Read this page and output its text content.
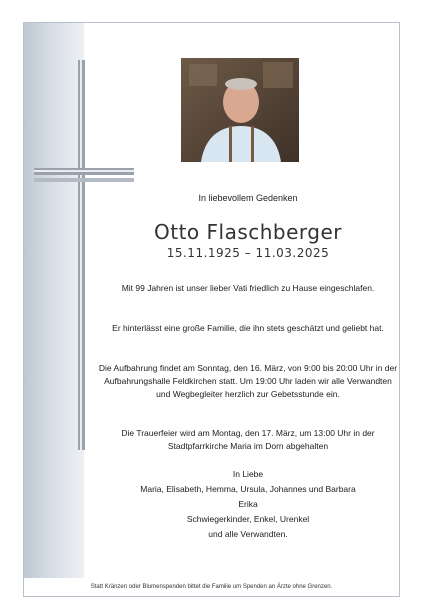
In liebevollem Gedenken
Otto Flaschberger
15.11.1925 – 11.03.2025
Mit 99 Jahren ist unser lieber Vati friedlich zu Hause eingeschlafen.
Er hinterlässt eine große Familie, die ihn stets geschätzt und geliebt hat.
Die Aufbahrung findet am Sonntag, den 16. März, von 9:00 bis 20:00 Uhr in der Aufbahrungshalle Feldkirchen statt. Um 19:00 Uhr laden wir alle Verwandten und Wegbegleiter herzlich zur Gebetsstunde ein.
Die Trauerfeier wird am Montag, den 17. März, um 13:00 Uhr in der Stadtpfarrkirche Maria im Dorn abgehalten
In Liebe
Maria, Elisabeth, Hemma, Ursula, Johannes und Barbara
Erika
Schwiegerkinder, Enkel, Urenkel
und alle Verwandten.
Statt Kränzen oder Blumenspenden bittet die Familie um Spenden an Ärzte ohne Grenzen.
